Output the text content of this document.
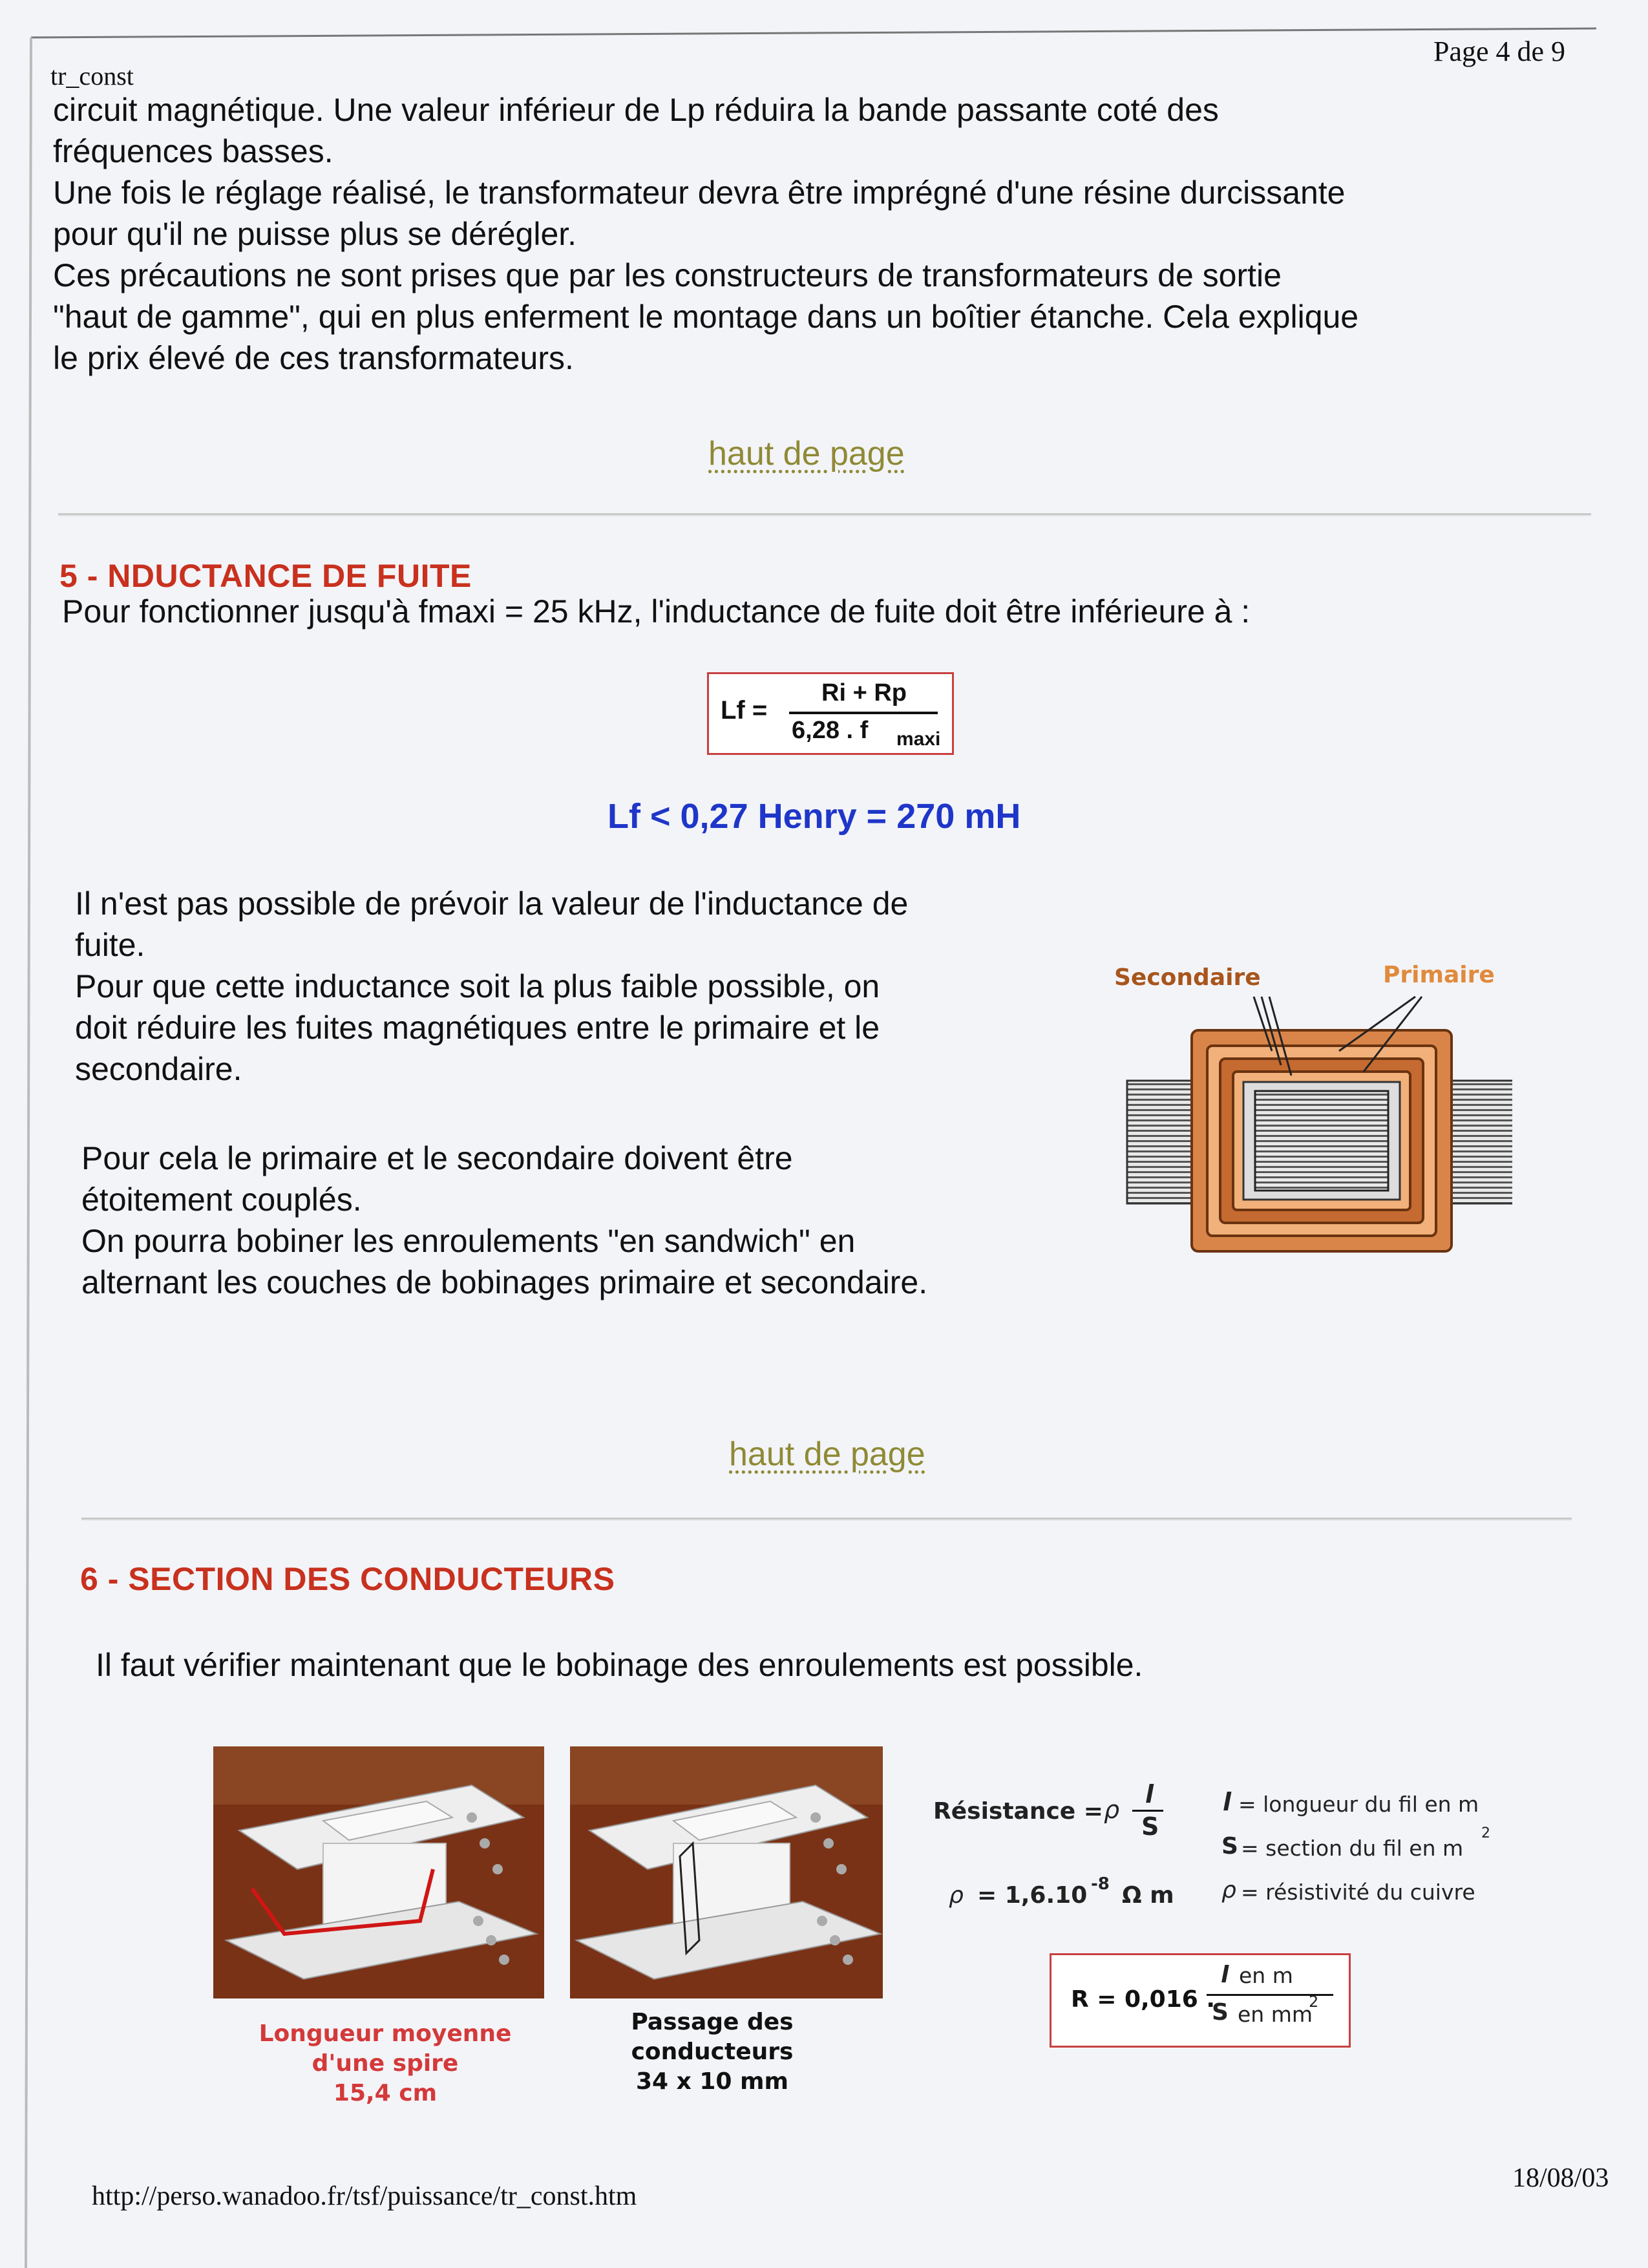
tr_const
Page 4 de 9

circuit magnétique. Une valeur inférieur de Lp réduira la bande passante coté des

fréquences basses.

Une fois le réglage réalisé, le transformateur devra être imprégné d'une résine durcissante

pour qu'il ne puisse plus se dérégler.

Ces précautions ne sont prises que par les constructeurs de transformateurs de sortie

"haut de gamme", qui en plus enferment le montage dans un boîtier étanche. Cela explique

le prix élevé de ces transformateurs.

haut de page
5 - NDUCTANCE DE FUITE

Pour fonctionner jusqu'à fmaxi = 25 kHz, l'inductance de fuite doit être inférieure à :

Lf =
Ri + Rp
6,28 . f maxi
Lf < 0,27 Henry = 270 mH

Il n'est pas possible de prévoir la valeur de l'inductance de

fuite.

Pour que cette inductance soit la plus faible possible, on

doit réduire les fuites magnétiques entre le primaire et le

secondaire.

Pour cela le primaire et le secondaire doivent être

étoitement couplés.

On pourra bobiner les enroulements "en sandwich" en

alternant les couches de bobinages primaire et secondaire.

Secondaire	Primaire
haut de page
6 - SECTION DES CONDUCTEURS

Il faut vérifier maintenant que le bobinage des enroulements est possible.

Longueur moyenne
d'une spire
15,4 cm
Passage des
conducteurs
34 x 10 mm
Résistance = ρ
l
S
ρ = 1,6.10 -8 Ω m
l = longueur du fil en m
S = section du fil en m
2
ρ = résistivité du cuivre
R = 0,016 .
l en m
S en mm
2
http://perso.wanadoo.fr/tsf/puissance/tr_const.htm
18/08/03
